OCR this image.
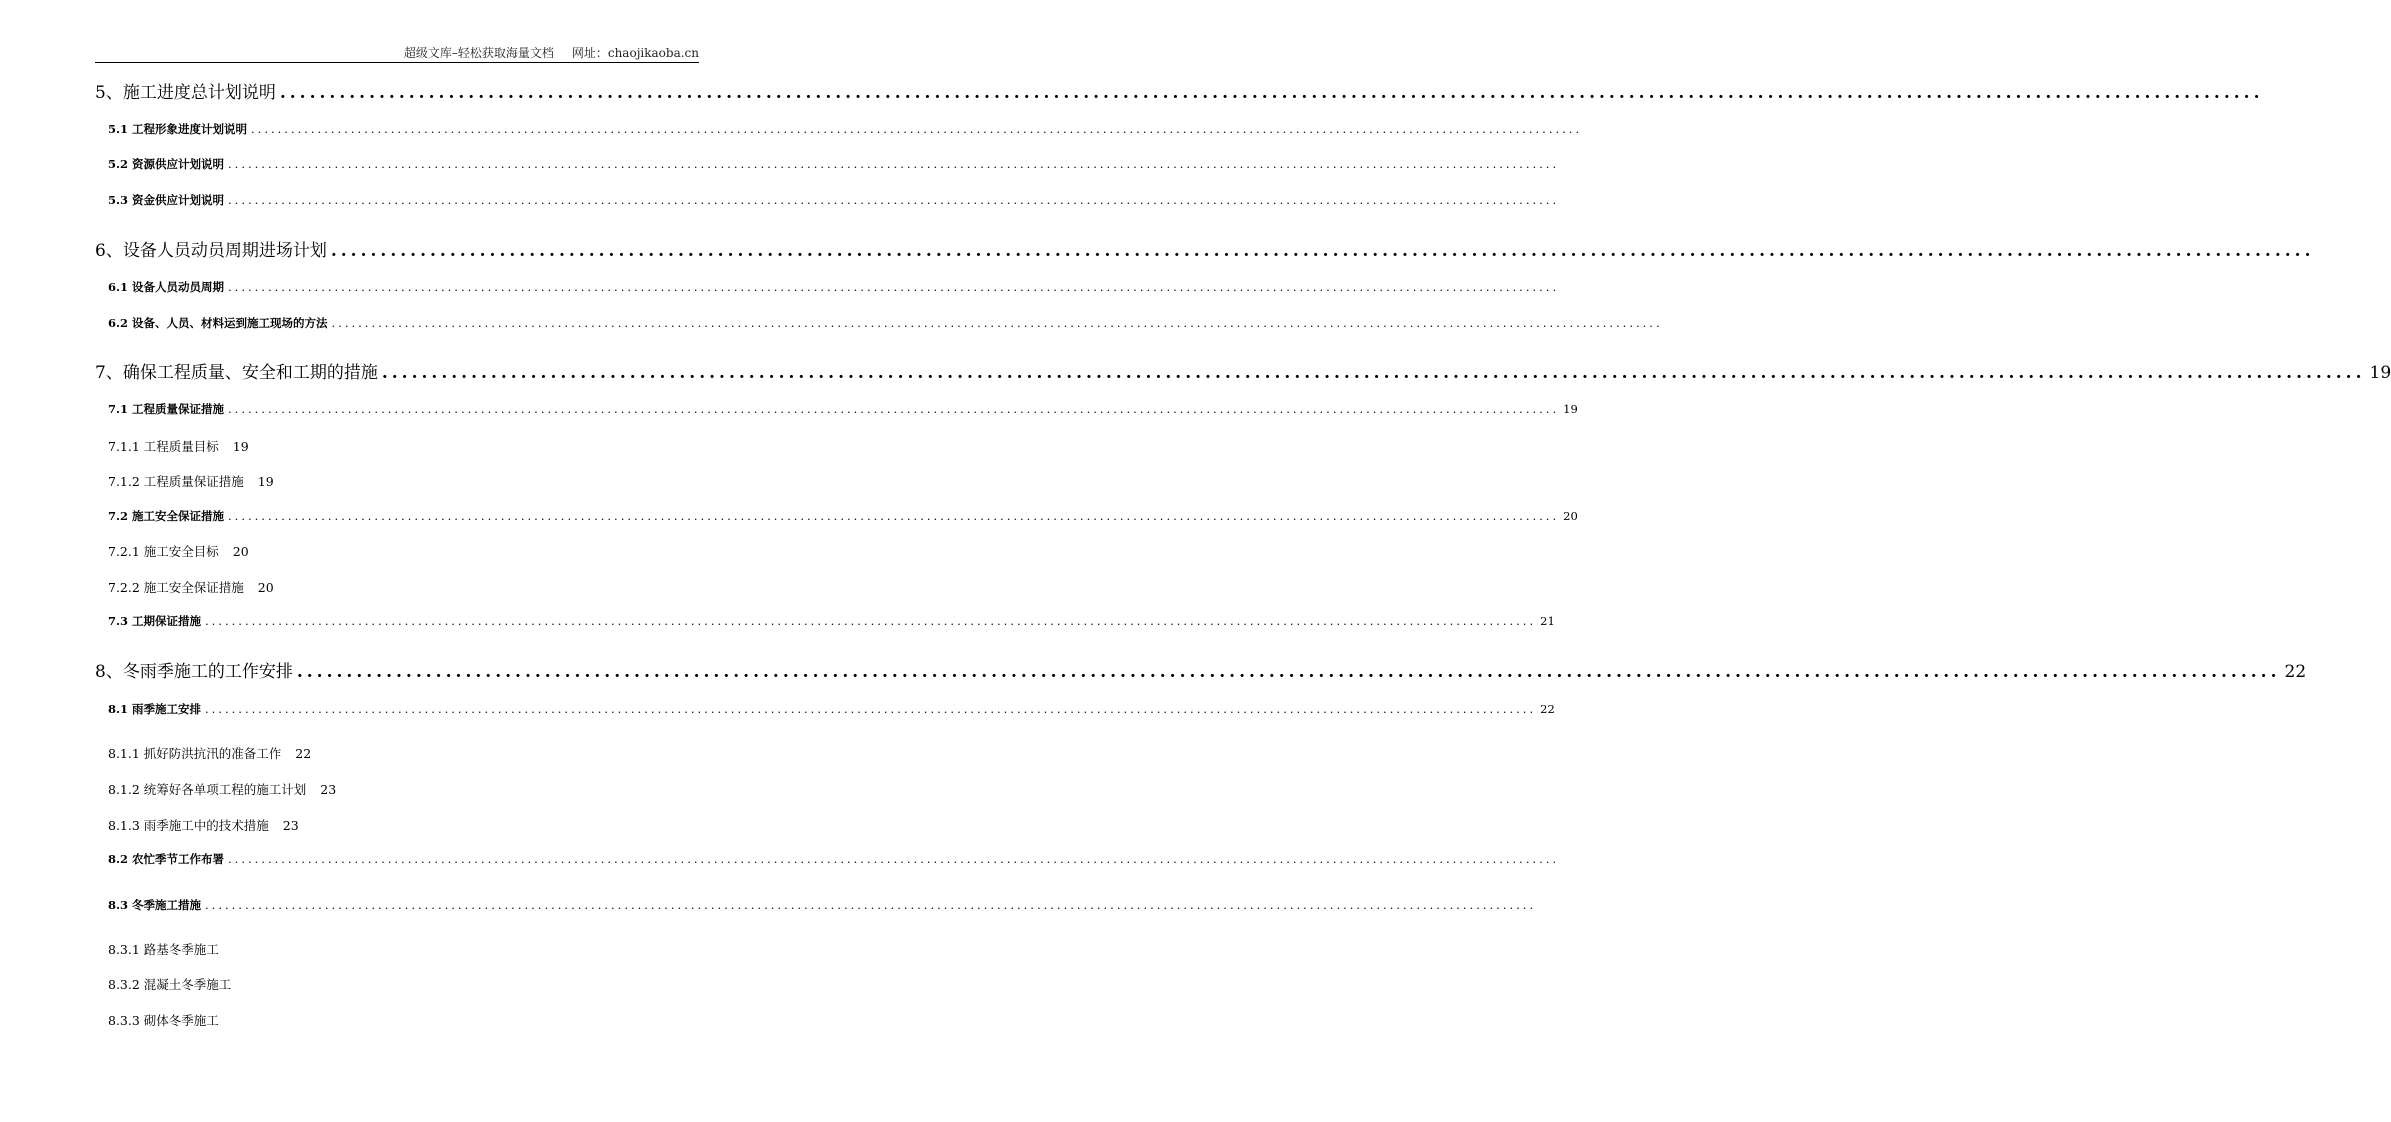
超级文库–轻松获取海量文档 网址：chaojikaoba.cn
5、施工进度总计划说明 ........................................................................................................................................................................................................
5.1 工程形象进度计划说明 ........................................................................................................................................................................................................
5.2 资源供应计划说明 ........................................................................................................................................................................................................
5.3 资金供应计划说明 ........................................................................................................................................................................................................
6、设备人员动员周期进场计划 ........................................................................................................................................................................................................
6.1 设备人员动员周期 ........................................................................................................................................................................................................
6.2 设备、人员、材料运到施工现场的方法 ........................................................................................................................................................................................................
7、确保工程质量、安全和工期的措施 ........................................................................................................................................................................................................ 19
7.1 工程质量保证措施 ........................................................................................................................................................................................................ 19
7.1.1 工程质量目标 19
7.1.2 工程质量保证措施 19
7.2 施工安全保证措施 ........................................................................................................................................................................................................ 20
7.2.1 施工安全目标 20
7.2.2 施工安全保证措施 20
7.3 工期保证措施 ........................................................................................................................................................................................................ 21
8、冬雨季施工的工作安排 ........................................................................................................................................................................................................ 22
8.1 雨季施工安排 ........................................................................................................................................................................................................ 22
8.1.1 抓好防洪抗汛的准备工作 22
8.1.2 统筹好各单项工程的施工计划 23
8.1.3 雨季施工中的技术措施 23
8.2 农忙季节工作布署 ........................................................................................................................................................................................................
8.3 冬季施工措施 ........................................................................................................................................................................................................
8.3.1 路基冬季施工
8.3.2 混凝土冬季施工
8.3.3 砌体冬季施工
